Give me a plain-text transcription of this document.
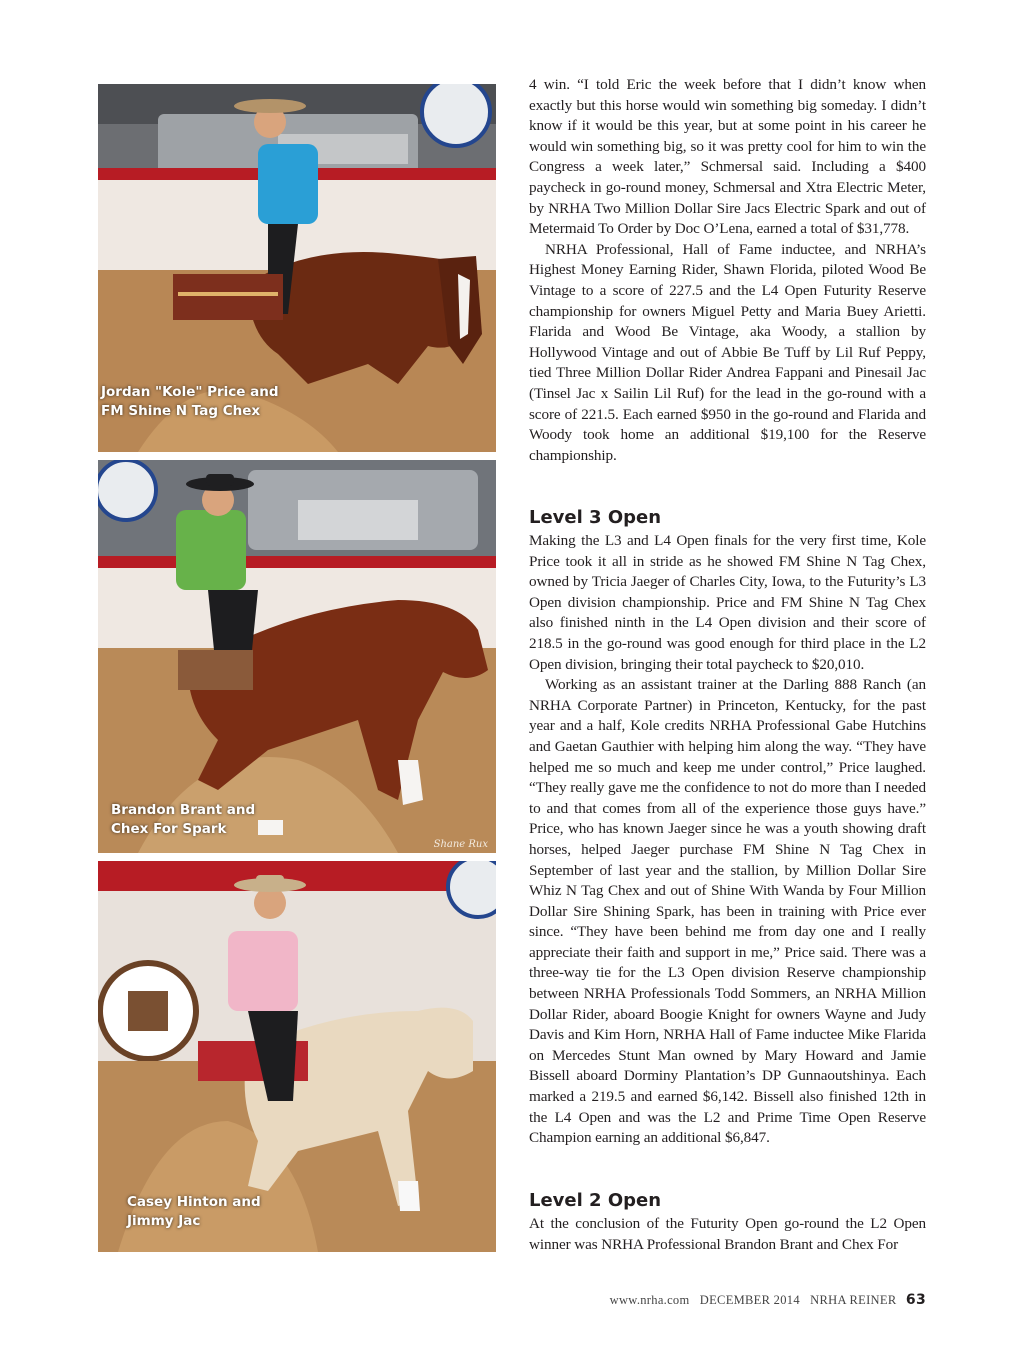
Jordan "Kole" Price and
FM Shine N Tag Chex
Brandon Brant and
Chex For Spark
Shane Rux
Casey Hinton and
Jimmy Jac

4 win. “I told Eric the week before that I didn’t know when exactly but this horse would win something big someday. I didn’t know if it would be this year, but at some point in his career he would win something big, so it was pretty cool for him to win the Congress a week later,” Schmersal said. Including a $400 paycheck in go-round money, Schmersal and Xtra Electric Meter, by NRHA Two Million Dollar Sire Jacs Electric Spark and out of Metermaid To Order by Doc O’Lena, earned a total of $31,778.

NRHA Professional, Hall of Fame inductee, and NRHA’s Highest Money Earning Rider, Shawn Florida, piloted Wood Be Vintage to a score of 227.5 and the L4 Open Futurity Reserve championship for owners Miguel Petty and Maria Buey Arietti. Flarida and Wood Be Vintage, aka Woody, a stallion by Hollywood Vintage and out of Abbie Be Tuff by Lil Ruf Peppy, tied Three Million Dollar Rider Andrea Fappani and Pinesail Jac (Tinsel Jac x Sailin Lil Ruf) for the lead in the go-round with a score of 221.5. Each earned $950 in the go-round and Flarida and Woody took home an additional $19,100 for the Reserve championship.

Level 3 Open

Making the L3 and L4 Open finals for the very first time, Kole Price took it all in stride as he showed FM Shine N Tag Chex, owned by Tricia Jaeger of Charles City, Iowa, to the Futurity’s L3 Open division championship. Price and FM Shine N Tag Chex also finished ninth in the L4 Open division and their score of 218.5 in the go-round was good enough for third place in the L2 Open division, bringing their total paycheck to $20,010.

Working as an assistant trainer at the Darling 888 Ranch (an NRHA Corporate Partner) in Princeton, Kentucky, for the past year and a half, Kole credits NRHA Professional Gabe Hutchins and Gaetan Gauthier with helping him along the way. “They have helped me so much and keep me under control,” Price laughed. “They really gave me the confidence to not do more than I needed to and that comes from all of the experience those guys have.” Price, who has known Jaeger since he was a youth showing draft horses, helped Jaeger purchase FM Shine N Tag Chex in September of last year and the stallion, by Million Dollar Sire Whiz N Tag Chex and out of Shine With Wanda by Four Million Dollar Sire Shining Spark, has been in training with Price ever since. “They have been behind me from day one and I really appreciate their faith and support in me,” Price said. There was a three-way tie for the L3 Open division Reserve championship between NRHA Professionals Todd Sommers, an NRHA Million Dollar Rider, aboard Boogie Knight for owners Wayne and Judy Davis and Kim Horn, NRHA Hall of Fame inductee Mike Flarida on Mercedes Stunt Man owned by Mary Howard and Jamie Bissell aboard Dorminy Plantation’s DP Gunnaoutshinya. Each marked a 219.5 and earned $6,142. Bissell also finished 12th in the L4 Open and was the L2 and Prime Time Open Reserve Champion earning an additional $6,847.

Level 2 Open

At the conclusion of the Futurity Open go-round the L2 Open winner was NRHA Professional Brandon Brant and Chex For

www.nrha.com DECEMBER 2014 NRHA REINER 63
